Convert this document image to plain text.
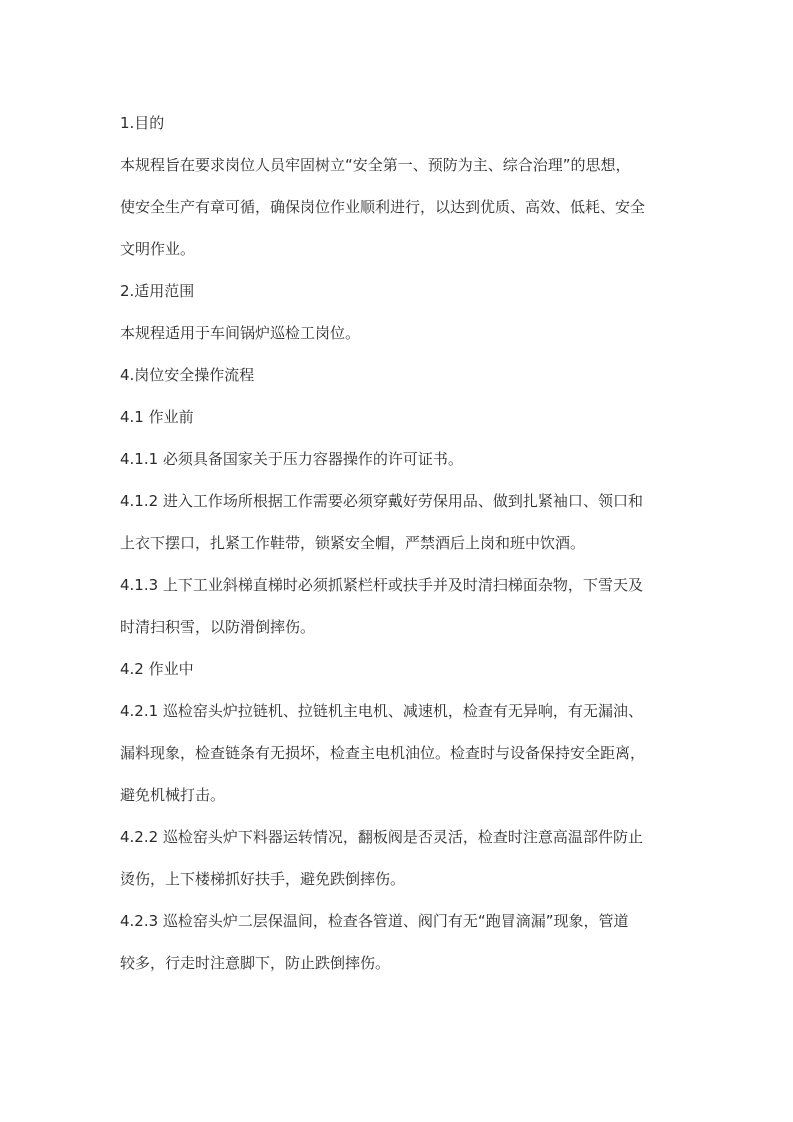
1.目的

本规程旨在要求岗位人员牢固树立“安全第一、预防为主、综合治理”的思想，

使安全生产有章可循，确保岗位作业顺利进行，以达到优质、高效、低耗、安全

文明作业。

2.适用范围

本规程适用于车间锅炉巡检工岗位。

4.岗位安全操作流程

4.1 作业前

4.1.1 必须具备国家关于压力容器操作的许可证书。

4.1.2 进入工作场所根据工作需要必须穿戴好劳保用品、做到扎紧袖口、领口和

上衣下摆口，扎紧工作鞋带，锁紧安全帽，严禁酒后上岗和班中饮酒。

4.1.3 上下工业斜梯直梯时必须抓紧栏杆或扶手并及时清扫梯面杂物，下雪天及

时清扫积雪，以防滑倒摔伤。

4.2 作业中

4.2.1 巡检窑头炉拉链机、拉链机主电机、减速机，检查有无异响，有无漏油、

漏料现象，检查链条有无损坏，检查主电机油位。检查时与设备保持安全距离，

避免机械打击。

4.2.2 巡检窑头炉下料器运转情况，翻板阀是否灵活，检查时注意高温部件防止

烫伤，上下楼梯抓好扶手，避免跌倒摔伤。

4.2.3 巡检窑头炉二层保温间，检查各管道、阀门有无“跑冒滴漏”现象，管道

较多，行走时注意脚下，防止跌倒摔伤。
